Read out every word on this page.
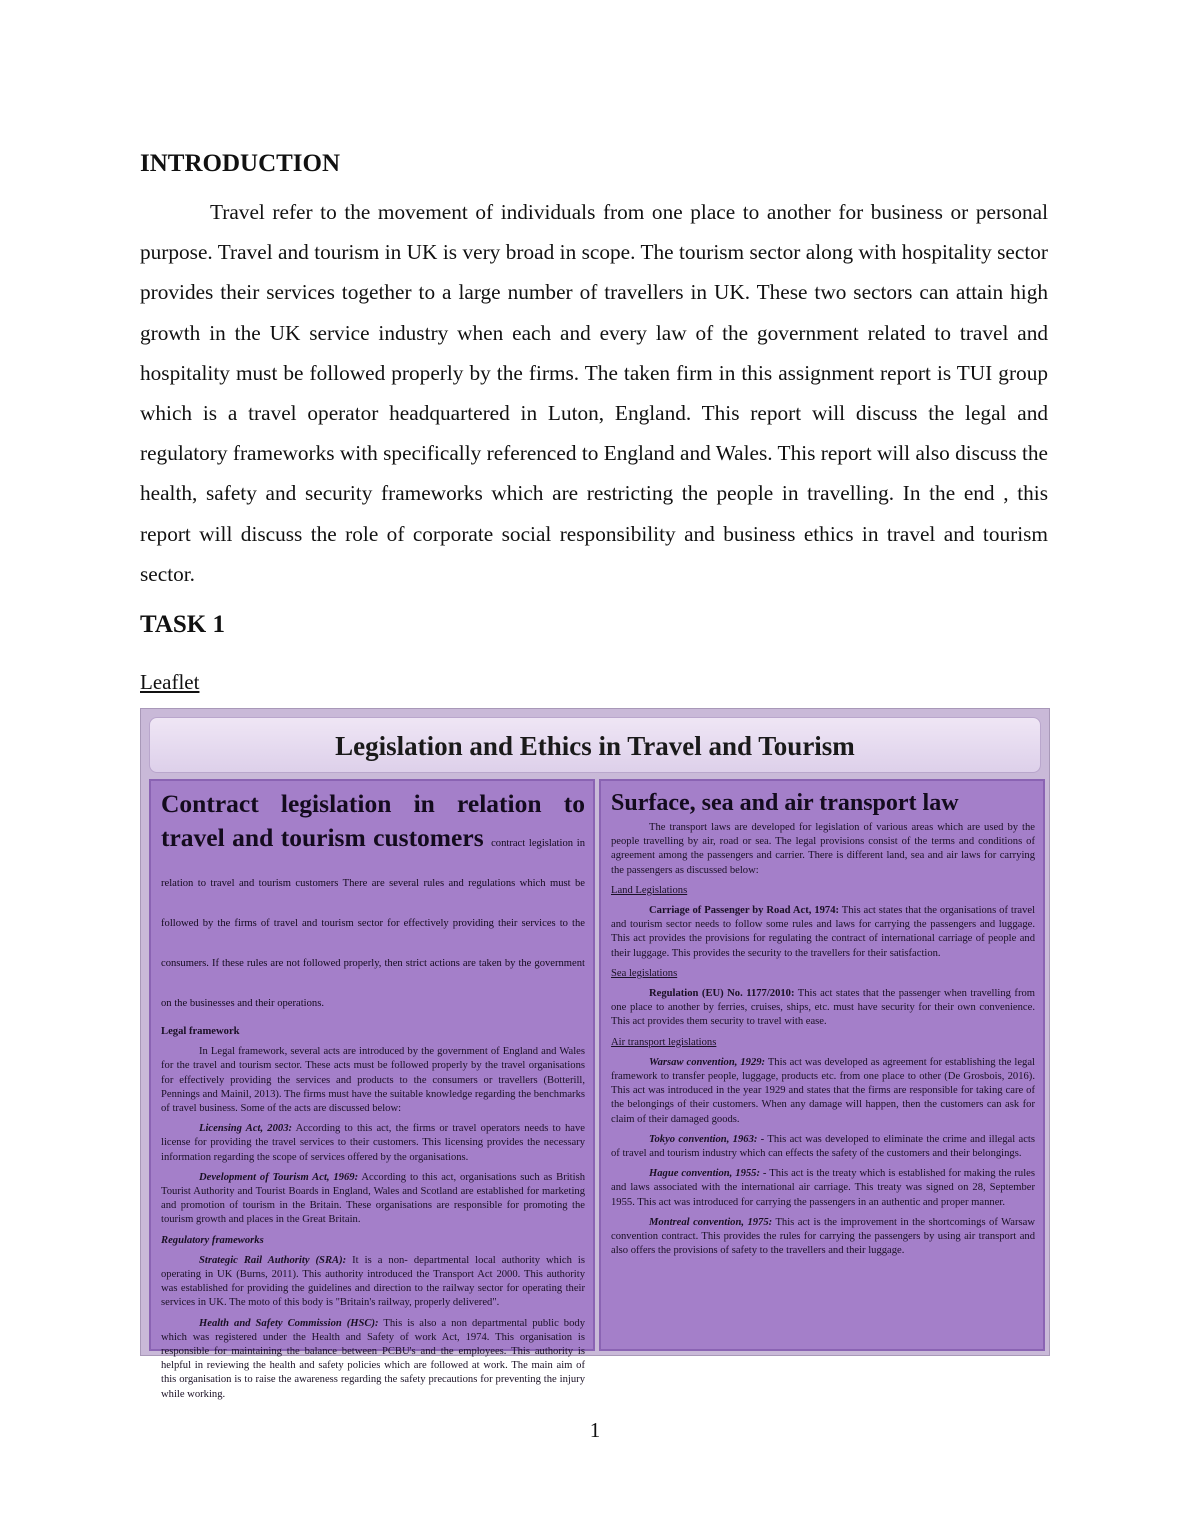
INTRODUCTION

Travel refer to the movement of individuals from one place to another for business or personal purpose. Travel and tourism in UK is very broad in scope. The tourism sector along with hospitality sector provides their services together to a large number of travellers in UK. These two sectors can attain high growth in the UK service industry when each and every law of the government related to travel and hospitality must be followed properly by the firms. The taken firm in this assignment report is TUI group which is a travel operator headquartered in Luton, England. This report will discuss the legal and regulatory frameworks with specifically referenced to England and Wales. This report will also discuss the health, safety and security frameworks which are restricting the people in travelling. In the end , this report will discuss the role of corporate social responsibility and business ethics in travel and tourism sector.

TASK 1

Leaflet

Legislation and Ethics in Travel and Tourism
Contract legislation in relation to travel and tourism customers contract legislation in relation to travel and tourism customers There are several rules and regulations which must be followed by the firms of travel and tourism sector for effectively providing their services to the consumers. If these rules are not followed properly, then strict actions are taken by the government on the businesses and their operations.

Legal framework

In Legal framework, several acts are introduced by the government of England and Wales for the travel and tourism sector. These acts must be followed properly by the travel organisations for effectively providing the services and products to the consumers or travellers (Botterill, Pennings and Mainil, 2013). The firms must have the suitable knowledge regarding the benchmarks of travel business. Some of the acts are discussed below:

Licensing Act, 2003: According to this act, the firms or travel operators needs to have license for providing the travel services to their customers. This licensing provides the necessary information regarding the scope of services offered by the organisations.

Development of Tourism Act, 1969: According to this act, organisations such as British Tourist Authority and Tourist Boards in England, Wales and Scotland are established for marketing and promotion of tourism in the Britain. These organisations are responsible for promoting the tourism growth and places in the Great Britain.

Regulatory frameworks

Strategic Rail Authority (SRA): It is a non- departmental local authority which is operating in UK (Burns, 2011). This authority introduced the Transport Act 2000. This authority was established for providing the guidelines and direction to the railway sector for operating their services in UK. The moto of this body is "Britain's railway, properly delivered".

Health and Safety Commission (HSC): This is also a non departmental public body which was registered under the Health and Safety of work Act, 1974. This organisation is responsible for maintaining the balance between PCBU's and the employees. This authority is helpful in reviewing the health and safety policies which are followed at work. The main aim of this organisation is to raise the awareness regarding the safety precautions for preventing the injury while working.

Surface, sea and air transport law

The transport laws are developed for legislation of various areas which are used by the people travelling by air, road or sea. The legal provisions consist of the terms and conditions of agreement among the passengers and carrier. There is different land, sea and air laws for carrying the passengers as discussed below:

Land Legislations

Carriage of Passenger by Road Act, 1974: This act states that the organisations of travel and tourism sector needs to follow some rules and laws for carrying the passengers and luggage. This act provides the provisions for regulating the contract of international carriage of people and their luggage. This provides the security to the travellers for their satisfaction.

Sea legislations

Regulation (EU) No. 1177/2010: This act states that the passenger when travelling from one place to another by ferries, cruises, ships, etc. must have security for their own convenience. This act provides them security to travel with ease.

Air transport legislations

Warsaw convention, 1929: This act was developed as agreement for establishing the legal framework to transfer people, luggage, products etc. from one place to other (De Grosbois, 2016). This act was introduced in the year 1929 and states that the firms are responsible for taking care of the belongings of their customers. When any damage will happen, then the customers can ask for claim of their damaged goods.

Tokyo convention, 1963: - This act was developed to eliminate the crime and illegal acts of travel and tourism industry which can effects the safety of the customers and their belongings.

Hague convention, 1955: - This act is the treaty which is established for making the rules and laws associated with the international air carriage. This treaty was signed on 28, September 1955. This act was introduced for carrying the passengers in an authentic and proper manner.

Montreal convention, 1975: This act is the improvement in the shortcomings of Warsaw convention contract. This provides the rules for carrying the passengers by using air transport and also offers the provisions of safety to the travellers and their luggage.

1
